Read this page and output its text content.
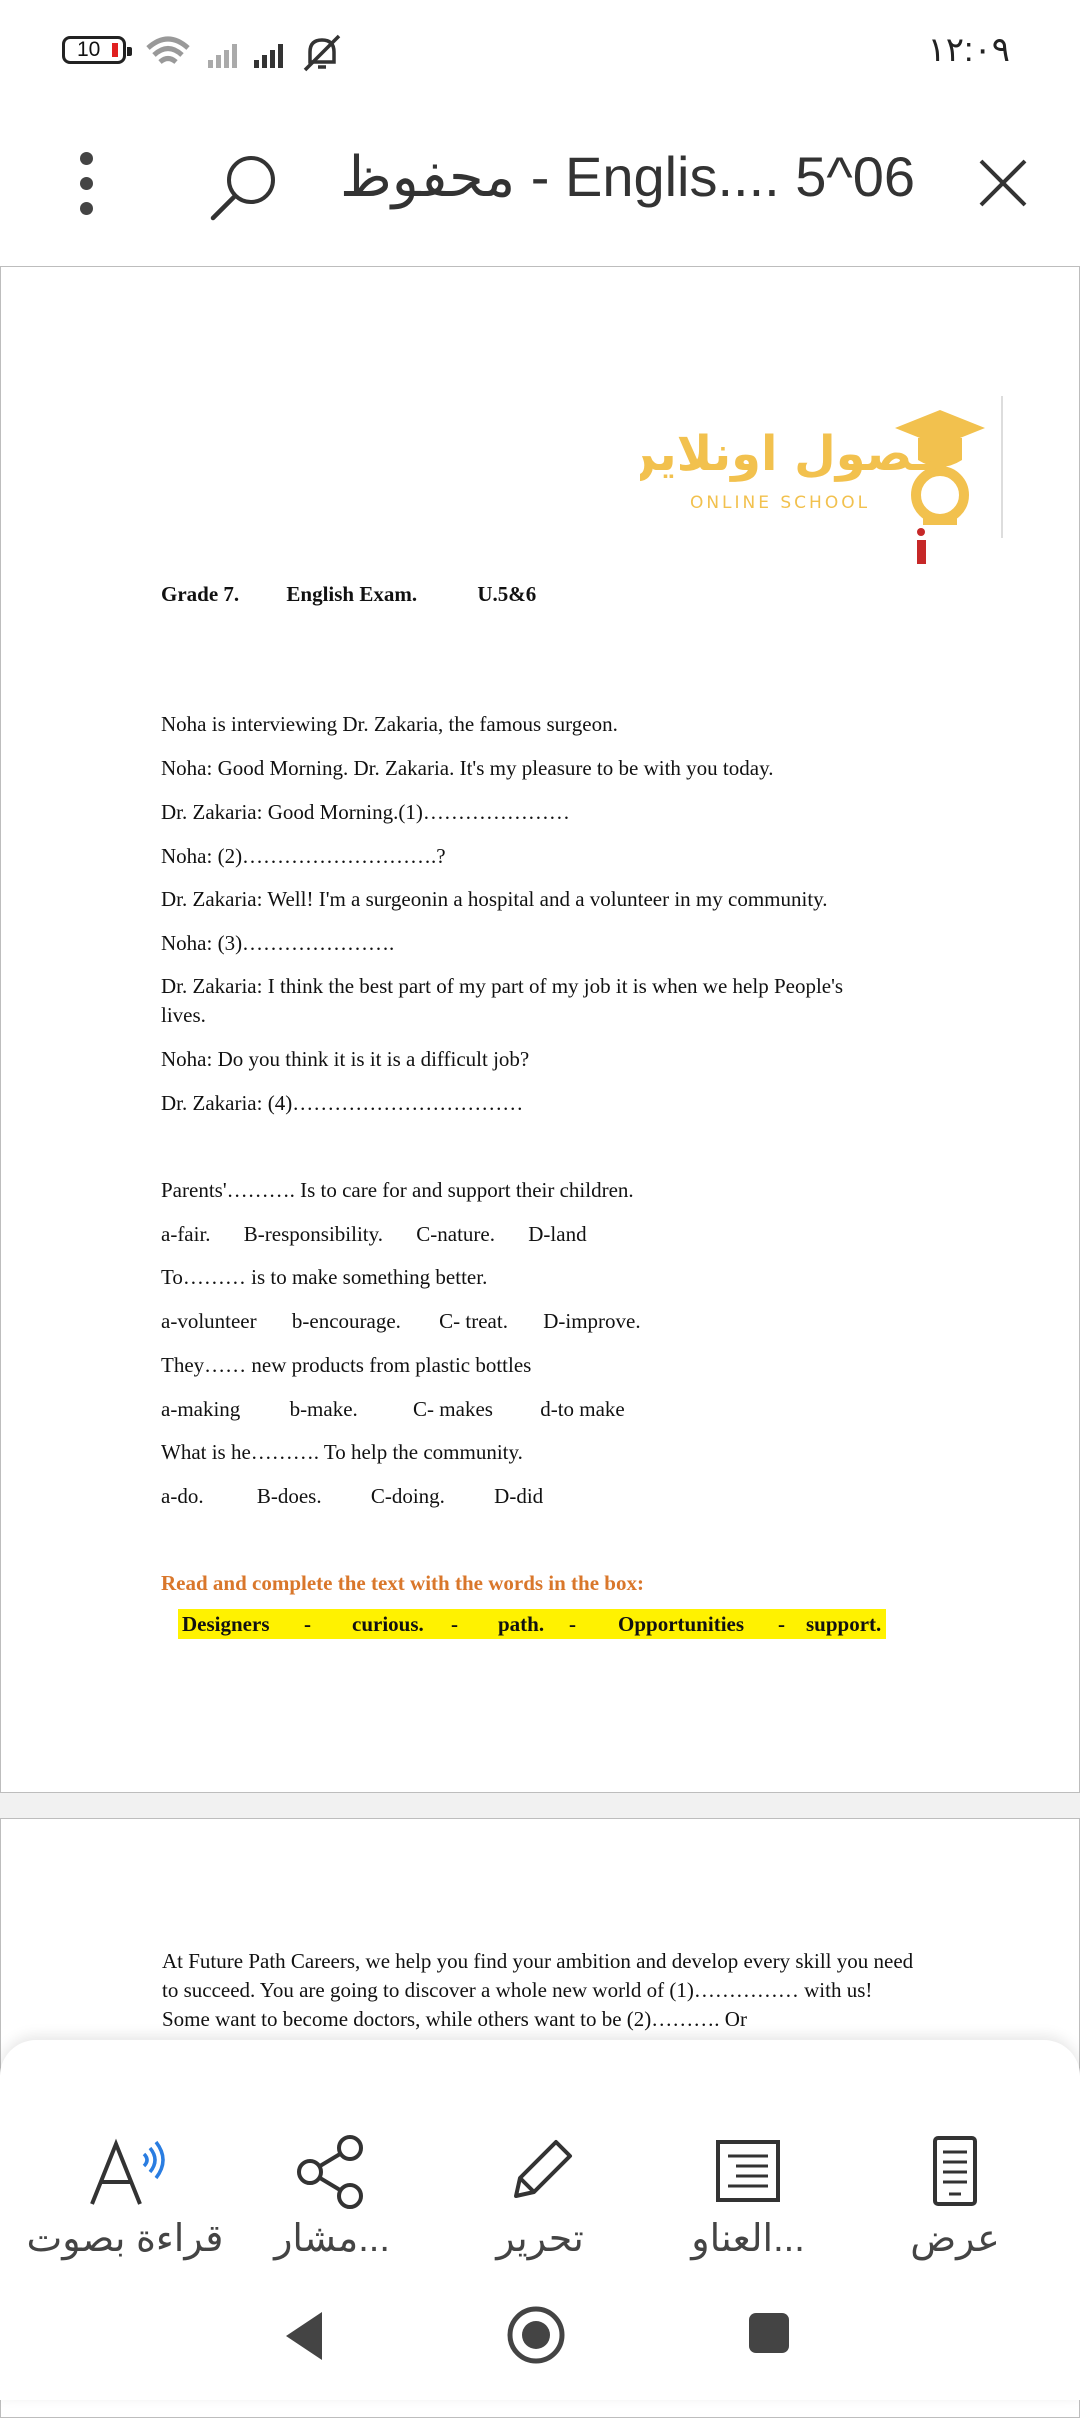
10	١٢:٠٩
محفوظ - Englis.... 5^06
فصول اونلاين
ONLINE SCHOOL
Grade 7. English Exam.	U.5&6
Noha is interviewing Dr. Zakaria, the famous surgeon.
Noha: Good Morning. Dr. Zakaria. It's my pleasure to be with you today.
Dr. Zakaria: Good Morning.(1)…………………
Noha: (2)……………………….?
Dr. Zakaria: Well! I'm a surgeonin a hospital and a volunteer in my community.
Noha: (3)………………….
Dr. Zakaria: I think the best part of my part of my job it is when we help People's
lives.
Noha: Do you think it is it is a difficult job?
Dr. Zakaria: (4)……………………………
Parents'………. Is to care for and support their children.
a-fair. B-responsibility. C-nature. D-land
To……… is to make something better.
a-volunteer b-encourage. C- treat. D-improve.
They…… new products from plastic bottles
a-making b-make.	C- makes d-to make
What is he………. To help the community.
a-do.	B-does. C-doing. D-did
Read and complete the text with the words in the box:
Designers - curious. - path. - Opportunities - support.
At Future Path Careers, we help you find your ambition and develop every skill you need to succeed. You are going to discover a whole new world of (1)…………… with us! Some want to become doctors, while others want to be (2)………. Or
قراءة بصوت	مشار...	تحرير	العناو...	عرض
